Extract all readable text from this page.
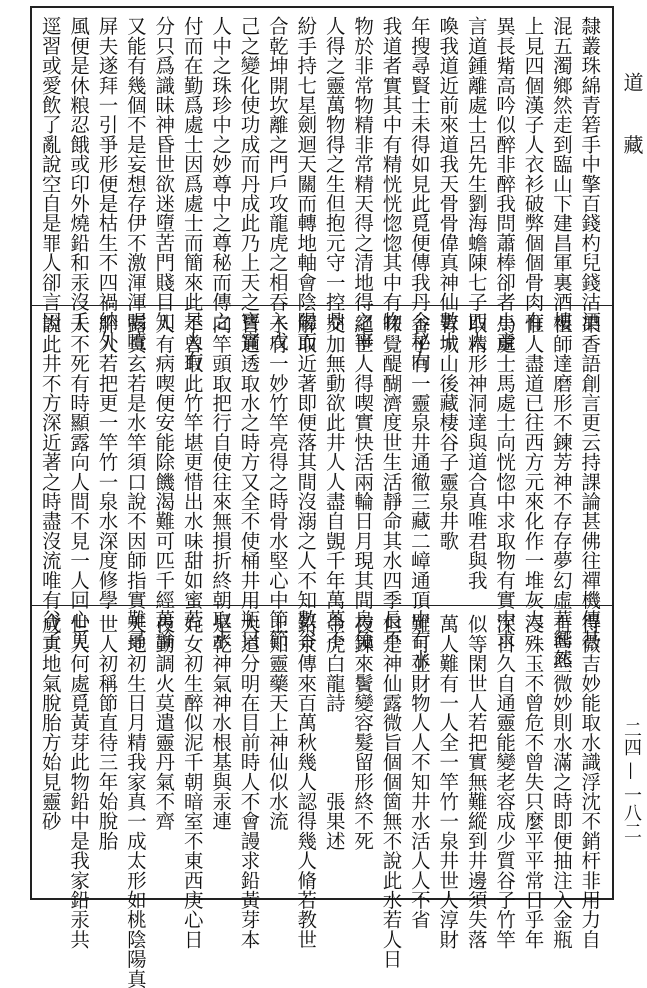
道 藏
二四 — 一八二
隸叢珠綿青箬手中擎百錢杓兒錢沽酒
混五濁鄉然走到臨山下建昌軍裏酒樓
上見四個漢子人衣衫破弊個個骨肉有
異長觜高吟似醉非醉我問蕭棒卻者小童
言道鍾離處士呂先生劉海蟾陳七子四人
喚我道近前來道我天骨骨偉真神仙數十
年搜尋賢士未得如見此覓便傳我丹金秘向
我道者實其中有精恍恍惚惚其中有物
物於非常物精非常精天得之清地得之寧
人得之靈萬物得之生但抱元守一控鼎
紛手持七星劍迴天關而轉地軸會陰陽而
合乾坤開坎離之門戶攻龍虎之相吞入戊
己之變化使功成而丹成此乃上天之寶實
人中之珠珍中之妙尊中之尊秘而傳之
付而在勤爲處士因爲處士而簡來此是人有
分只爲識昧神昏世欲迷墮苦門賤目知
又能有幾個不是妄想存伊不激渾渾唱噎
屏夫遂拜一引爭形便是枯生不四禍納外
風便是休粮忍餓或印外燒鉛和汞沒手
逕習或愛飲了亂說空自是罪人卻言因
果香語創言更云持課論甚佛往禪機傳甚
祖師達磨形不鍊芳神不存存夢幻虛華嚮然
惟人盡道已往西方元來化作一堆灰大
馬處士馬處士向恍惚中求取物有實中求
取精形神洞達與道合真唯君與我
青城山後藏棲谷子靈泉井歌
谷子有一靈泉井通徹三藏二嶂通頂中有水
味覺醍醐濟度世生活靜命其水四季長不
絕世人得喫實快活兩輪日月現其間鳥兔
交加無動欲此井人人盡自覬千年萬萬不
解取近著即便落其間沒溺之人不知數谷
子有一妙竹竿亮得之時骨水堅心中節節
皆通透取水之時方又全不使桶井用瓶只
向竿頭取把行自使往來無損折終朝取水
不曾取此竹竿堪更惜出水味甜如蜜若
人有病喫便安能除饑渴難可匹千經萬論
露真玄若是水竿須口說不因師指實難尋
肸人若把更一竿竹一泉水深度修學
人不死有時顯露向人間不見一人回心覓
說此井不方深近著之時盡沒流唯有谷子
得微吉妙能取水識浮沈不銷杆非用力自
有些些微妙則水滿之時即便抽注入金瓶
浸殊玉不曾危不曾失只麼平平常日乎年
深日久自通靈能變老容成少質谷子竹竿
似等閑世人若把實無難縱到井邊須失落
萬人難有一人全一竿竹一泉井世人淳財
難可並財物人人不知井水活人人不省
但是神仙露微旨個個箇無不說此水若人日
夜鍊來鬢變容髮留形終不死
金虎白龍詩　　　　張果述
鉛汞傳來百萬秋幾人認得幾人脩若教世
上知靈藥天上神仙似水流
大道分明在目前時人不會謾求鉛黃芽本
是乾神氣神水根基與汞連
姹女初生醉似泥千朝暗室不東西庚心日
夜勤調火莫遣靈丹氣不齊
天地初生日月精我家真一成太形如桃陰陽真
世人初稱節直待三年始脫胎
世人何處覓黃芽此物鉛中是我家鉛汞共
成真地氣脫胎方始見靈砂
